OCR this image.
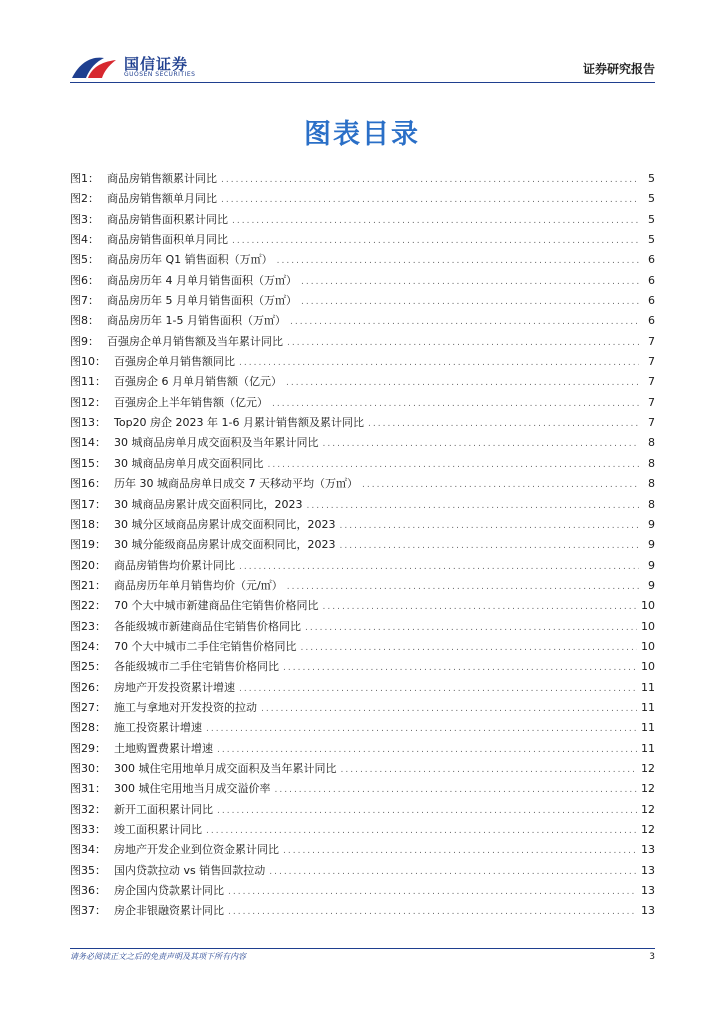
国信证券
GUOSEN SECURITIES	证券研究报告
图表目录
图1： 商品房销售额累计同比 .....	5
图2： 商品房销售额单月同比 .....	5
图3： 商品房销售面积累计同比 .....	5
图4： 商品房销售面积单月同比 .....	5
图5： 商品房历年 Q1 销售面积（万㎡） .....	6
图6： 商品房历年 4 月单月销售面积（万㎡） .....	6
图7： 商品房历年 5 月单月销售面积（万㎡） .....	6
图8： 商品房历年 1-5 月销售面积（万㎡） .....	6
图9： 百强房企单月销售额及当年累计同比 .....	7
图10： 百强房企单月销售额同比 .....	7
图11： 百强房企 6 月单月销售额（亿元） .....	7
图12： 百强房企上半年销售额（亿元） .....	7
图13： Top20 房企 2023 年 1-6 月累计销售额及累计同比 .....	7
图14： 30 城商品房单月成交面积及当年累计同比 .....	8
图15： 30 城商品房单月成交面积同比 .....	8
图16： 历年 30 城商品房单日成交 7 天移动平均（万㎡） .....	8
图17： 30 城商品房累计成交面积同比，2023 .....	8
图18： 30 城分区域商品房累计成交面积同比，2023 .....	9
图19： 30 城分能级商品房累计成交面积同比，2023 .....	9
图20： 商品房销售均价累计同比 .....	9
图21： 商品房历年单月销售均价（元/㎡） .....	9
图22： 70 个大中城市新建商品住宅销售价格同比 .....	10
图23： 各能级城市新建商品住宅销售价格同比 .....	10
图24： 70 个大中城市二手住宅销售价格同比 .....	10
图25： 各能级城市二手住宅销售价格同比 .....	10
图26： 房地产开发投资累计增速 .....	11
图27： 施工与拿地对开发投资的拉动 .....	11
图28： 施工投资累计增速 .....	11
图29： 土地购置费累计增速 .....	11
图30： 300 城住宅用地单月成交面积及当年累计同比 .....	12
图31： 300 城住宅用地当月成交溢价率 .....	12
图32： 新开工面积累计同比 .....	12
图33： 竣工面积累计同比 .....	12
图34： 房地产开发企业到位资金累计同比 .....	13
图35： 国内贷款拉动 vs 销售回款拉动 .....	13
图36： 房企国内贷款累计同比 .....	13
图37： 房企非银融资累计同比 .....	13
请务必阅读正文之后的免责声明及其项下所有内容	3
